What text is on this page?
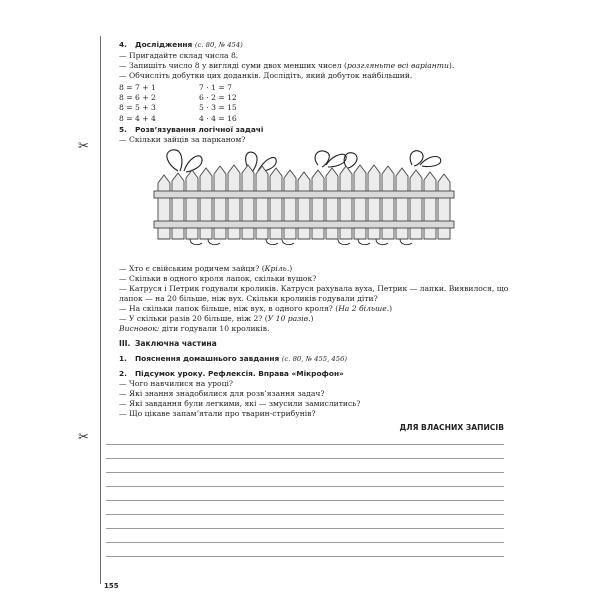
✂
✂
4. Дослідження (с. 80, № 454)
— Пригадайте склад числа 8.
— Запишіть число 8 у вигляді суми двох менших чисел (розгляньте всі варіанти).
— Обчисліть добутки цих доданків. Дослідіть, який добуток найбільший.
8 = 7 + 1
8 = 6 + 2
8 = 5 + 3
8 = 4 + 4
7 · 1 = 7
6 · 2 = 12
5 · 3 = 15
4 · 4 = 16
5. Розв’язування логічної задачі
— Скільки зайців за парканом?
— Хто є свійським родичем зайця? (Кріль.)
— Скільки в одного кроля лапок, скільки вушок?
— Катруся і Петрик годували кроликів. Катруся рахувала вуха, Петрик — лапки. Виявилося, що
лапок — на 20 більше, ніж вух. Скільки кроликів годували діти?
— На скільки лапок більше, ніж вух, в одного кроля? (На 2 більше.)
— У скільки разів 20 більше, ніж 2? (У 10 разів.)
Висновок: діти годували 10 кроликів.
III. Заключна частина
1. Пояснення домашнього завдання (с. 80, № 455, 456)
2. Підсумок уроку. Рефлексія. Вправа «Мікрофон»
— Чого навчилися на уроці?
— Які знання знадобилися для розв’язання задач?
— Які завдання були легкими, які — змусили замислитись?
— Що цікаве запам’ятали про тварин-стрибунів?
ДЛЯ ВЛАСНИХ ЗАПИСІВ
155
